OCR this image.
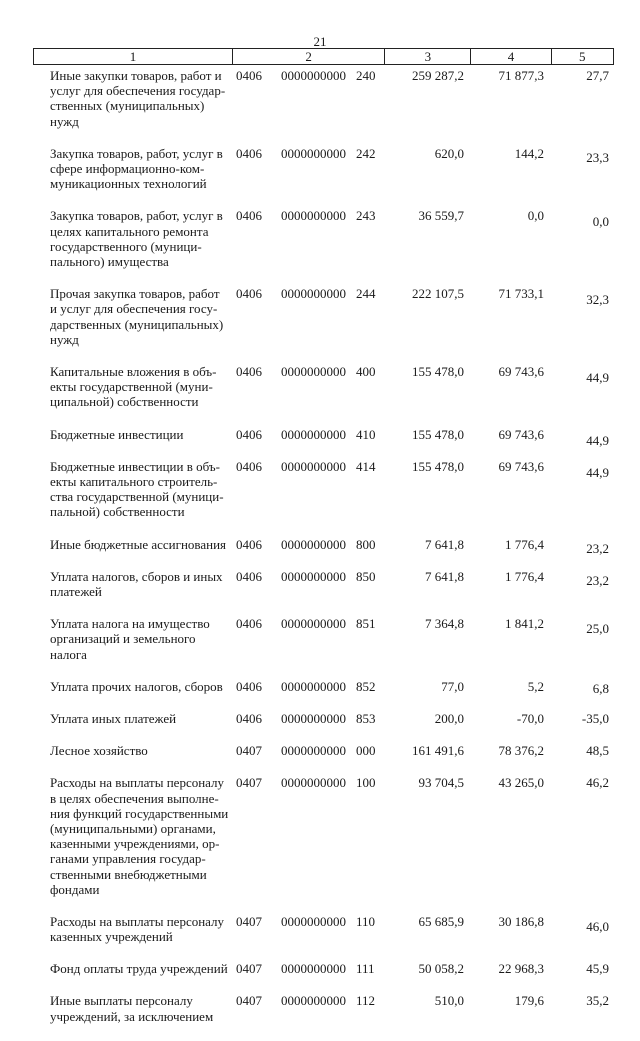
21
1	2	3	4	5
Иные закупки товаров, работ и
услуг для обеспечения государ-
ственных (муниципальных)
нужд
0406 0000000000 240	259 287,2	71 877,3	27,7
Закупка товаров, работ, услуг в
сфере информационно-ком-
муникационных технологий
0406 0000000000 242	620,0	144,2	23,3
Закупка товаров, работ, услуг в
целях капитального ремонта
государственного (муници-
пального) имущества
0406 0000000000 243	36 559,7	0,0	0,0
Прочая закупка товаров, работ
и услуг для обеспечения госу-
дарственных (муниципальных)
нужд
0406 0000000000 244	222 107,5	71 733,1	32,3
Капитальные вложения в объ-
екты государственной (муни-
ципальной) собственности
0406 0000000000 400	155 478,0	69 743,6	44,9
Бюджетные инвестиции	0406 0000000000 410	155 478,0	69 743,6	44,9
Бюджетные инвестиции в объ-
екты капитального строитель-
ства государственной (муници-
пальной) собственности
0406 0000000000 414	155 478,0	69 743,6	44,9
Иные бюджетные ассигнования 0406 0000000000 800	7 641,8	1 776,4	23,2
Уплата налогов, сборов и иных
платежей
0406 0000000000 850	7 641,8	1 776,4	23,2
Уплата налога на имущество
организаций и земельного
налога
0406 0000000000 851	7 364,8	1 841,2	25,0
Уплата прочих налогов, сборов	0406 0000000000 852	77,0	5,2	6,8
Уплата иных платежей	0406 0000000000 853	200,0	-70,0	-35,0
Лесное хозяйство	0407 0000000000 000	161 491,6	78 376,2	48,5
Расходы на выплаты персоналу
в целях обеспечения выполне-
ния функций государственными
(муниципальными) органами,
казенными учреждениями, ор-
ганами управления государ-
ственными внебюджетными
фондами
0407 0000000000 100	93 704,5	43 265,0	46,2
Расходы на выплаты персоналу
казенных учреждений
0407 0000000000 110	65 685,9	30 186,8	46,0
Фонд оплаты труда учреждений 0407 0000000000 111	50 058,2	22 968,3	45,9
Иные выплаты персоналу
учреждений, за исключением
0407 0000000000 112	510,0	179,6	35,2
